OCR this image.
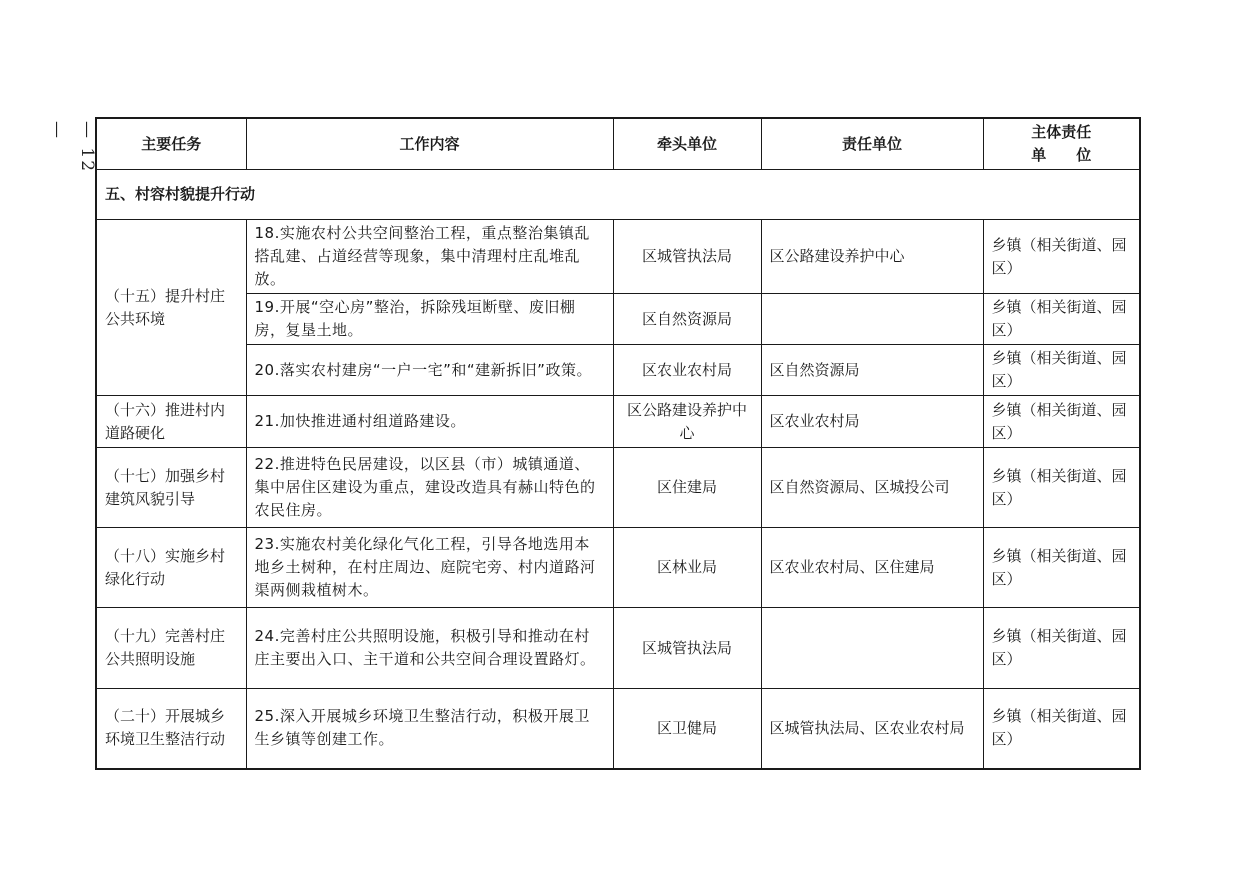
— 12 —
主要任务	工作内容	牵头单位	责任单位	主体责任
单　　位

五、村容村貌提升行动				
（十五）提升村庄公共环境	18.实施农村公共空间整治工程，重点整治集镇乱搭乱建、占道经营等现象，集中清理村庄乱堆乱放。	区城管执法局	区公路建设养护中心	乡镇（相关街道、园区）
	19.开展“空心房”整治，拆除残垣断壁、废旧棚房，复垦土地。	区自然资源局		乡镇（相关街道、园区）
	20.落实农村建房“一户一宅”和“建新拆旧”政策。	区农业农村局	区自然资源局	乡镇（相关街道、园区）
（十六）推进村内道路硬化	21.加快推进通村组道路建设。	区公路建设养护中心	区农业农村局	乡镇（相关街道、园区）
（十七）加强乡村建筑风貌引导	22.推进特色民居建设，以区县（市）城镇通道、集中居住区建设为重点，建设改造具有赫山特色的农民住房。	区住建局	区自然资源局、区城投公司	乡镇（相关街道、园区）
（十八）实施乡村绿化行动	23.实施农村美化绿化气化工程，引导各地选用本地乡土树种，在村庄周边、庭院宅旁、村内道路河渠两侧栽植树木。	区林业局	区农业农村局、区住建局	乡镇（相关街道、园区）
（十九）完善村庄公共照明设施	24.完善村庄公共照明设施，积极引导和推动在村庄主要出入口、主干道和公共空间合理设置路灯。	区城管执法局		乡镇（相关街道、园区）
（二十）开展城乡环境卫生整洁行动	25.深入开展城乡环境卫生整洁行动，积极开展卫生乡镇等创建工作。	区卫健局	区城管执法局、区农业农村局	乡镇（相关街道、园区）
